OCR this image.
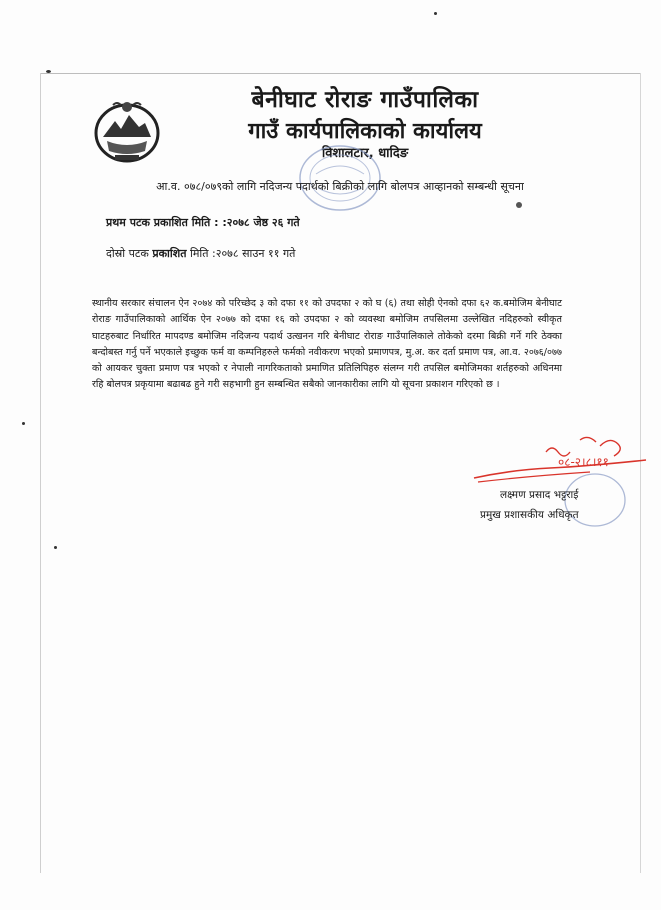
बेनीघाट रोराङ गाउँपालिका
गाउँ कार्यपालिकाको कार्यालय
विशालटार, धादिङ
आ.व. ०७८/०७९को लागि नदिजन्य पदार्थको बिक्रीको लागि बोलपत्र आव्हानको सम्बन्धी सूचना
प्रथम पटक प्रकाशित मिति : :२०७८ जेष्ठ २६ गते
दोस्रो पटक प्रकाशित मिति :२०७८ साउन ११ गते
स्थानीय सरकार संचालन ऐन २०७४ को परिच्छेद ३ को दफा ११ को उपदफा २ को घ (६) तथा सोही ऐनको दफा ६२ क.बमोजिम बेनीघाट रोराङ गाउँपालिकाको आर्थिक ऐन २०७७ को दफा १६ को उपदफा २ को व्यवस्था बमोजिम तपसिलमा उल्लेखित नदिहरुको स्वीकृत घाटहरुबाट निर्धारित मापदण्ड बमोजिम नदिजन्य पदार्थ उत्खनन गरि बेनीघाट रोराङ गाउँपालिकाले तोकेको दरमा बिक्री गर्ने गरि ठेक्का बन्दोबस्त गर्नु पर्ने भएकाले इच्छुक फर्म वा कम्पनिहरुले फर्मको नवीकरण भएको प्रमाणपत्र, मु.अ. कर दर्ता प्रमाण पत्र, आ.व. २०७६/०७७ को आयकर चुक्ता प्रमाण पत्र भएको र नेपाली नागरिकताको प्रमाणित प्रतिलिपिहरु संलग्न गरी तपसिल बमोजिमका शर्तहरुको अधिनमा रहि बोलपत्र प्रकृयामा बढाबढ हुने गरी सहभागी हुन सम्बन्धित सबैको जानकारीका लागि यो सूचना प्रकाशन गरिएको छ ।
०८-२।८।११
लक्ष्मण प्रसाद भट्टराई
प्रमुख प्रशासकीय अधिकृत
